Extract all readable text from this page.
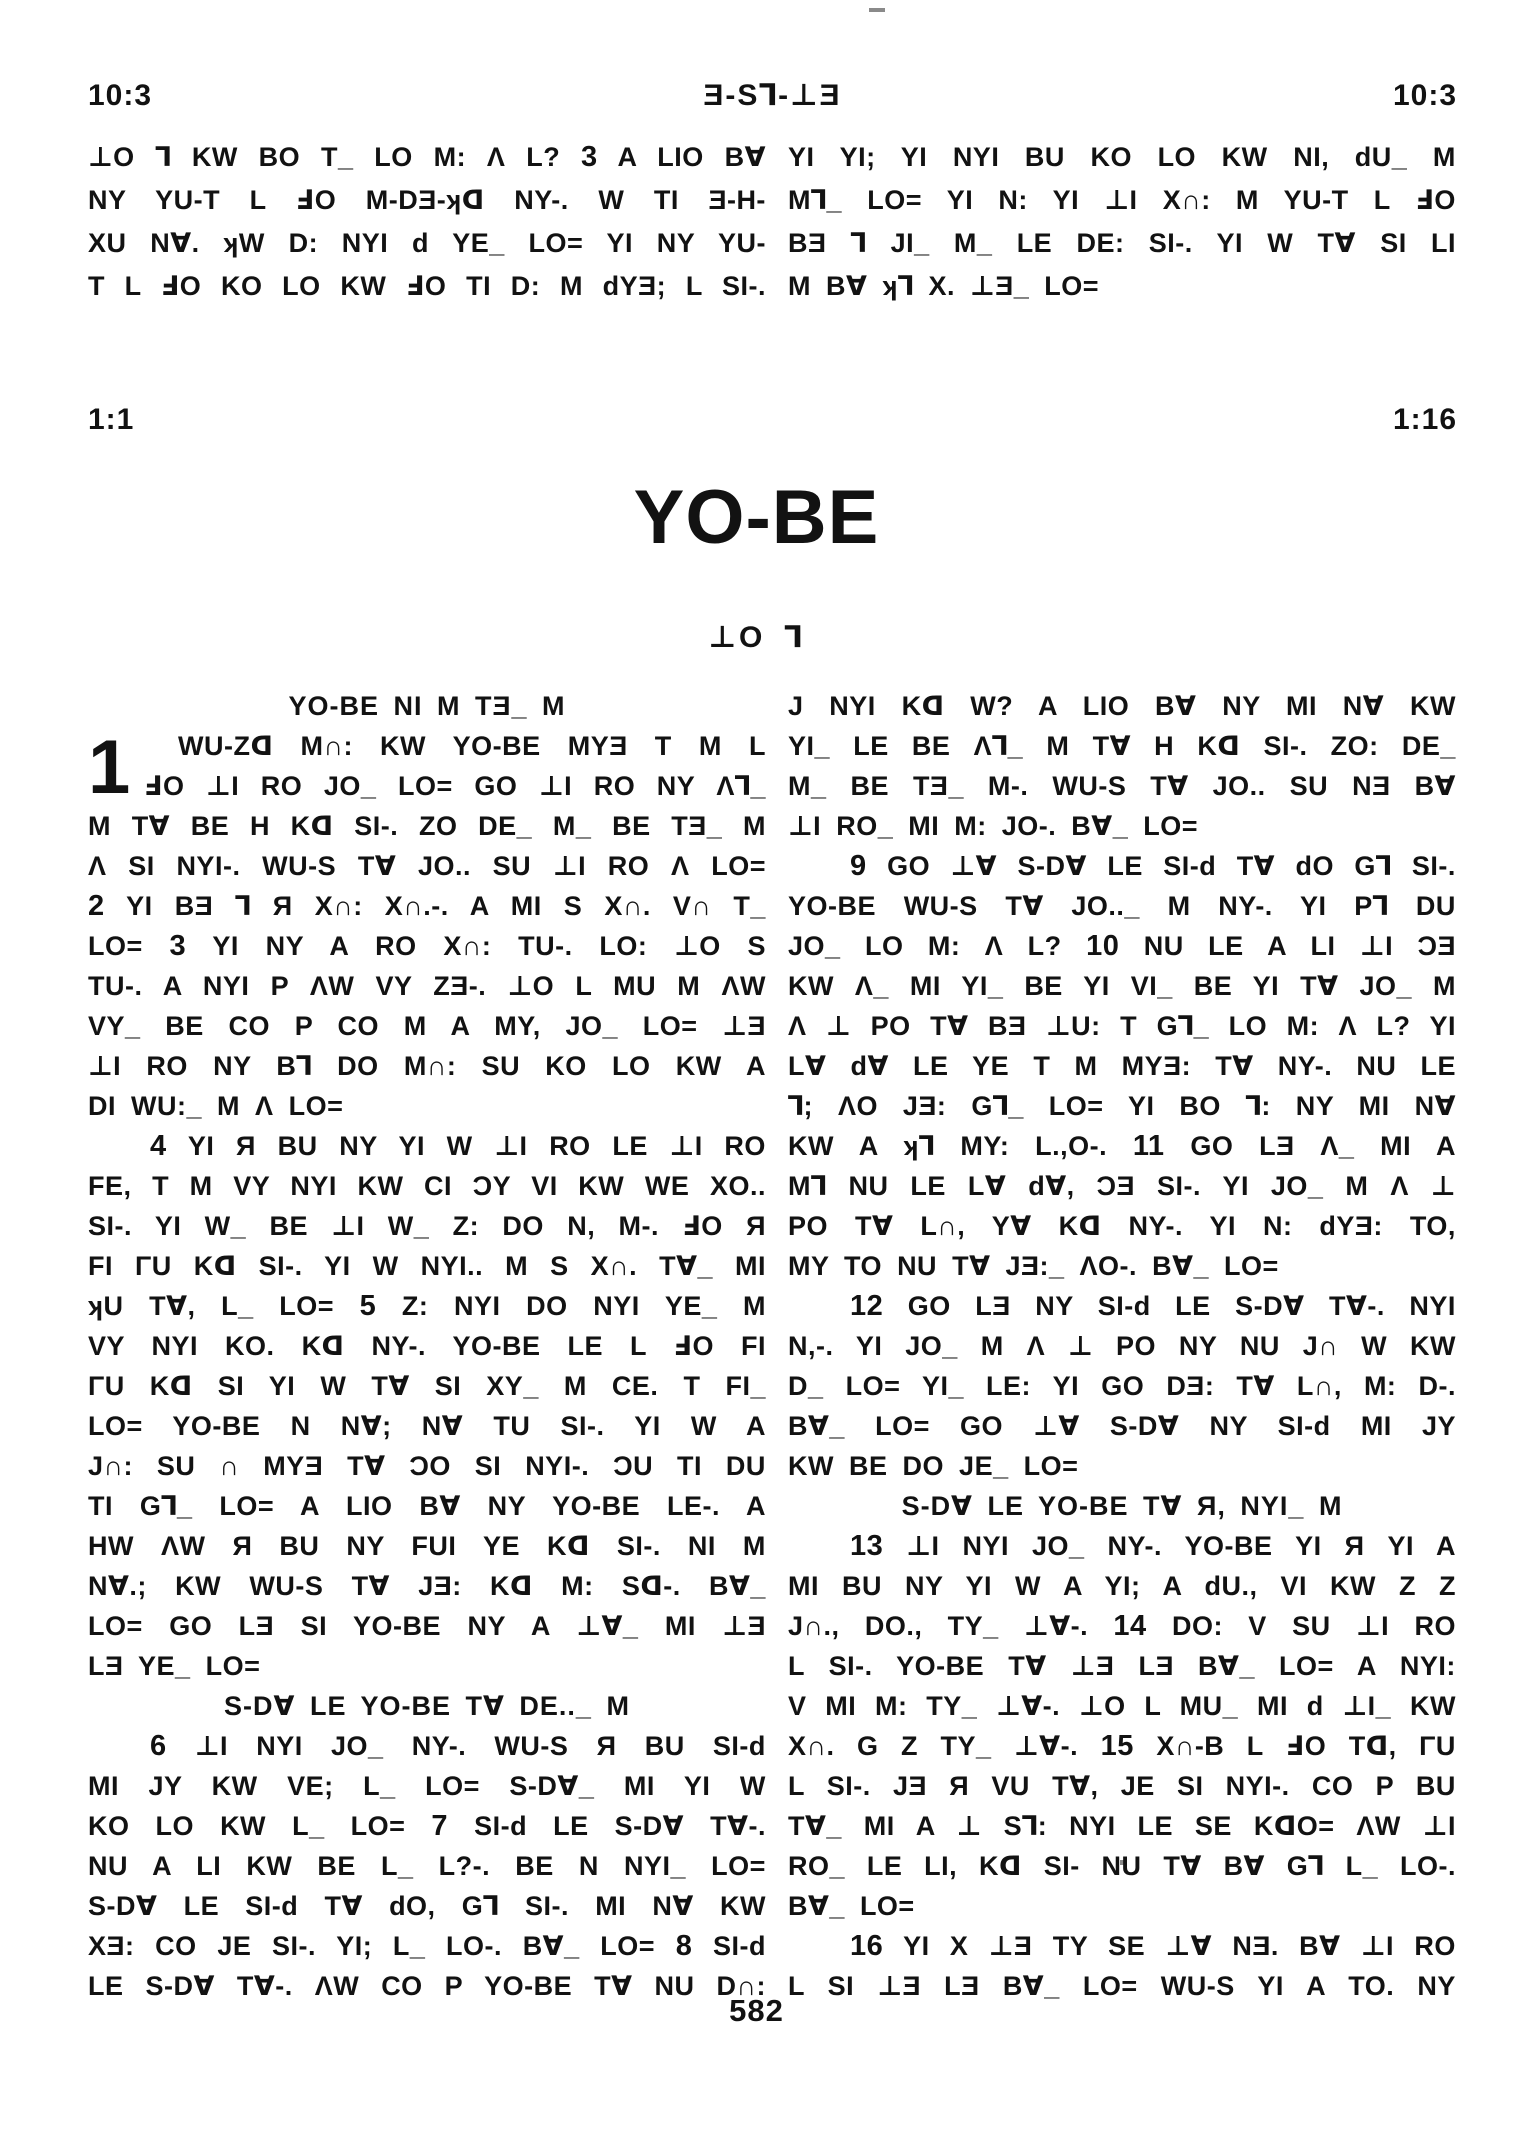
10:3	Ǝ-S⅂-⊥Ǝ	10:3
⊥O ⅂ KW BO T_ LO M: Ʌ L? 3 A LIO B∀
NY YU-T L ℲO M-DƎ-ʞᗡ NY-. W TI Ǝ-H-
XU N∀. ʞW D: NYI d YE_ LO= YI NY YU-
T L ℲO KO LO KW ℲO TI D: M dYƎ; L SI-.
YI YI; YI NYI BU KO LO KW NI, dU_ M
M⅂_ LO= YI N: YI ⊥I X∩: M YU-T L ℲO
BƎ ⅂ JI_ M_ LE DE: SI-. YI W T∀ SI LI
M B∀ ʞ⅂ X. ⊥Ǝ_ LO=
1:1	1:16
YO-BE
⊥O ⅂
1
YO-BE NI M TƎ_ M
WU-Zᗡ M∩: KW YO-BE MYƎ T M L
ℲO ⊥I RO JO_ LO= GO ⊥I RO NY Ʌ⅂_
M T∀ BE H Kᗡ SI-. ZO DE_ M_ BE TƎ_ M
Ʌ SI NYI-. WU-S T∀ JO.. SU ⊥I RO Ʌ LO=
2 YI BƎ ⅂ Я X∩: X∩.-. A MI S X∩. V∩ T_
LO= 3 YI NY A RO X∩: TU-. LO: ⊥O S
TU-. A NYI P ɅW VY ZƎ-. ⊥O L MU M ɅW
VY_ BE CO P CO M A MY, JO_ LO= ⊥Ǝ
⊥I RO NY B⅂ DO M∩: SU KO LO KW A
DI WU:_ M Ʌ LO=
4 YI Я BU NY YI W ⊥I RO LE ⊥I RO
FE, T M VY NYI KW CI ƆY VI KW WE XO..
SI-. YI W_ BE ⊥I W_ Z: DO N, M-. ℲO Я
FI ΓU Kᗡ SI-. YI W NYI.. M S X∩. T∀_ MI
ʞU T∀, L_ LO= 5 Z: NYI DO NYI YE_ M
VY NYI KO. Kᗡ NY-. YO-BE LE L ℲO FI
ΓU Kᗡ SI YI W T∀ SI XY_ M CE. T FI_
LO= YO-BE N N∀; N∀ TU SI-. YI W A
J∩: SU ∩ MYƎ T∀ ƆO SI NYI-. ƆU TI DU
TI G⅂_ LO= A LIO B∀ NY YO-BE LE-. A
HW ɅW Я BU NY FUI YE Kᗡ SI-. NI M
N∀.; KW WU-S T∀ JƎ: Kᗡ M: Sᗡ-. B∀_
LO= GO LƎ SI YO-BE NY A ⊥∀_ MI ⊥Ǝ
LƎ YE_ LO=
S-D∀ LE YO-BE T∀ DE.._ M
6 ⊥I NYI JO_ NY-. WU-S Я BU SI-d
MI JY KW VE; L_ LO= S-D∀_ MI YI W
KO LO KW L_ LO= 7 SI-d LE S-D∀ T∀-.
NU A LI KW BE L_ L?-. BE N NYI_ LO=
S-D∀ LE SI-d T∀ dO, G⅂ SI-. MI N∀ KW
XƎ: CO JE SI-. YI; L_ LO-. B∀_ LO= 8 SI-d
LE S-D∀ T∀-. ɅW CO P YO-BE T∀ NU D∩:
J NYI Kᗡ W? A LIO B∀ NY MI N∀ KW
YI_ LE BE Ʌ⅂_ M T∀ H Kᗡ SI-. ZO: DE_
M_ BE TƎ_ M-. WU-S T∀ JO.. SU NƎ B∀
⊥I RO_ MI M: JO-. B∀_ LO=
9 GO ⊥∀ S-D∀ LE SI-d T∀ dO G⅂ SI-.
YO-BE WU-S T∀ JO.._ M NY-. YI P⅂ DU
JO_ LO M: Ʌ L? 10 NU LE A LI ⊥I ƆƎ
KW Ʌ_ MI YI_ BE YI VI_ BE YI T∀ JO_ M
Ʌ ⊥ PO T∀ BƎ ⊥U: T G⅂_ LO M: Ʌ L? YI
L∀ d∀ LE YE T M MYƎ: T∀ NY-. NU LE
⅂; ɅO JƎ: G⅂_ LO= YI BO ⅂: NY MI N∀
KW A ʞ⅂ MY: L.,O-. 11 GO LƎ Ʌ_ MI A
M⅂ NU LE L∀ d∀, ƆƎ SI-. YI JO_ M Ʌ ⊥
PO T∀ L∩, Y∀ Kᗡ NY-. YI N: dYƎ: TO,
MY TO NU T∀ JƎ:_ ɅO-. B∀_ LO=
12 GO LƎ NY SI-d LE S-D∀ T∀-. NYI
N,-. YI JO_ M Ʌ ⊥ PO NY NU J∩ W KW
D_ LO= YI_ LE: YI GO DƎ: T∀ L∩, M: D-.
B∀_ LO= GO ⊥∀ S-D∀ NY SI-d MI JY
KW BE DO JE_ LO=
S-D∀ LE YO-BE T∀ Я, NYI_ M
13 ⊥I NYI JO_ NY-. YO-BE YI Я YI A
MI BU NY YI W A YI; A dU., VI KW Z Z
J∩., DO., TY_ ⊥∀-. 14 DO: V SU ⊥I RO
L SI-. YO-BE T∀ ⊥Ǝ LƎ B∀_ LO= A NYI:
V MI M: TY_ ⊥∀-. ⊥O L MU_ MI d ⊥I_ KW
X∩. G Z TY_ ⊥∀-. 15 X∩-B L ℲO Tᗡ, ΓU
L SI-. JƎ Я VU T∀, JE SI NYI-. CO P BU
T∀_ MI A ⊥ S⅂: NYI LE SE KᗡO= ɅW ⊥I
RO_ LE LI, Kᗡ SI- NU T∀ B∀ G⅂ L_ LO-.
B∀_ LO=
16 YI X ⊥Ǝ TY SE ⊥∀ NƎ. B∀ ⊥I RO
L SI ⊥Ǝ LƎ B∀_ LO= WU-S YI A TO. NY
582
